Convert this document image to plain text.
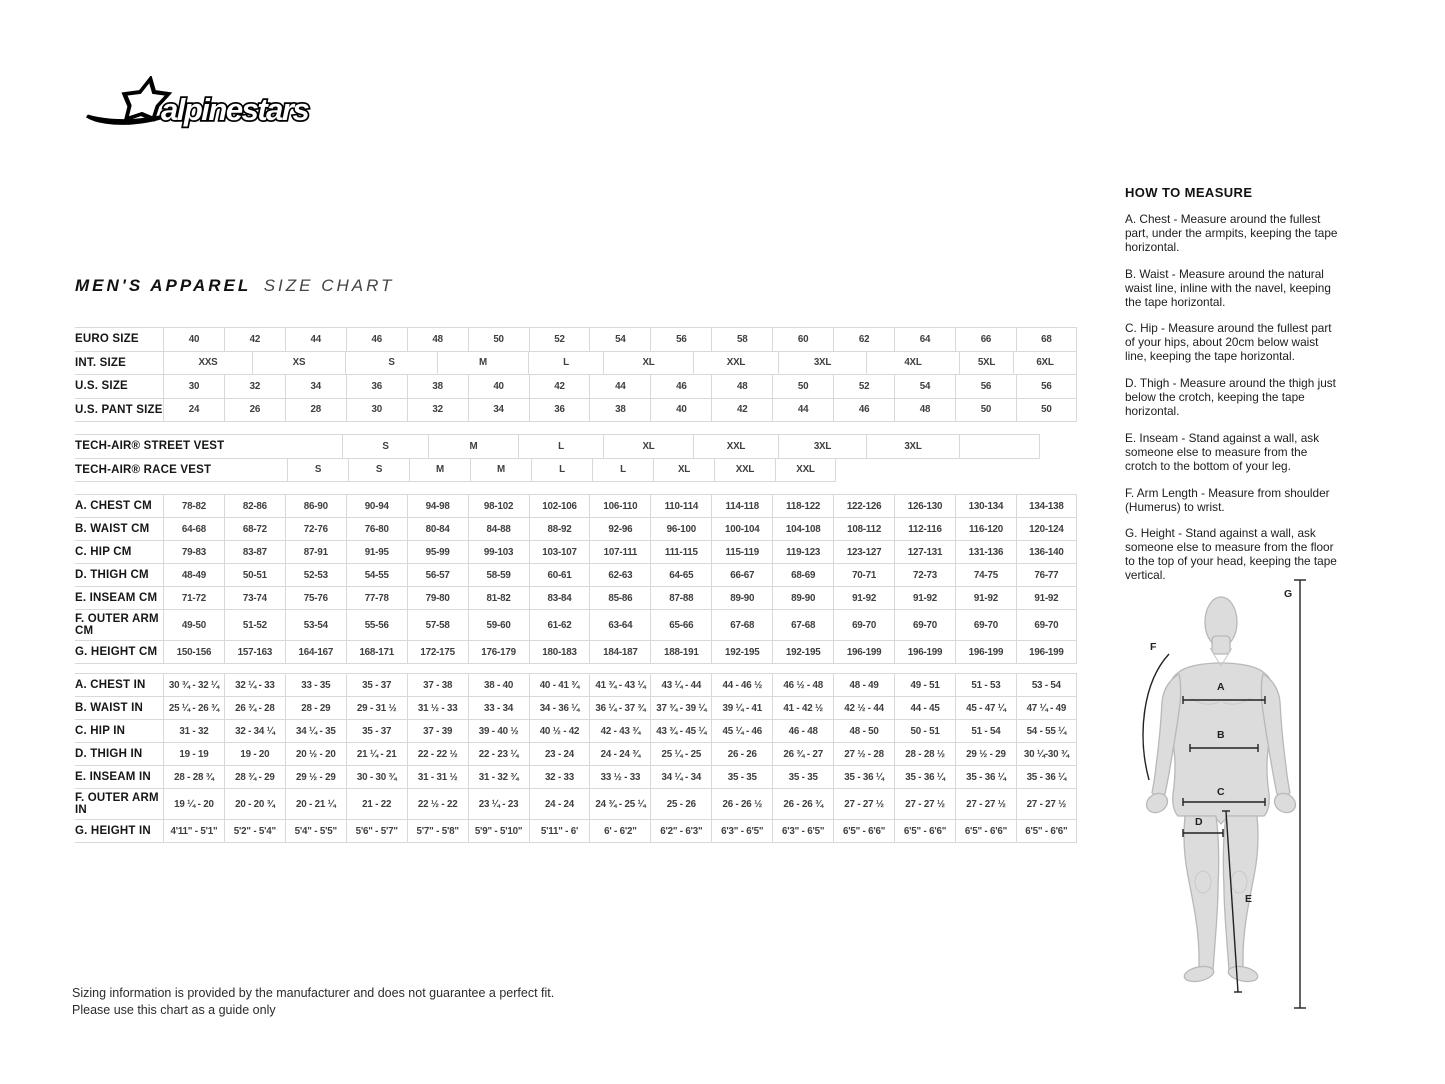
alpinestars
MEN'S APPAREL SIZE CHART
EURO SIZE	40	42	44	46	48	50	52	54	56	58	60	62	64	66	68
INT. SIZE	XXS	XS	S	M	L	XL	XXL	3XL	4XL	5XL	6XL
U.S. SIZE	30	32	34	36	38	40	42	44	46	48	50	52	54	56	56
U.S. PANT SIZE	24	26	28	30	32	34	36	38	40	42	44	46	48	50	50
TECH-AIR® STREET VEST	S	M	L	XL	XXL	3XL	3XL
TECH-AIR® RACE VEST	S	S	M	M	L	L	XL	XXL	XXL
A. CHEST CM	78-82	82-86	86-90	90-94	94-98	98-102	102-106	106-110	110-114	114-118	118-122	122-126	126-130	130-134	134-138
B. WAIST CM	64-68	68-72	72-76	76-80	80-84	84-88	88-92	92-96	96-100	100-104	104-108	108-112	112-116	116-120	120-124
C. HIP CM	79-83	83-87	87-91	91-95	95-99	99-103	103-107	107-111	111-115	115-119	119-123	123-127	127-131	131-136	136-140
D. THIGH CM	48-49	50-51	52-53	54-55	56-57	58-59	60-61	62-63	64-65	66-67	68-69	70-71	72-73	74-75	76-77
E. INSEAM CM	71-72	73-74	75-76	77-78	79-80	81-82	83-84	85-86	87-88	89-90	89-90	91-92	91-92	91-92	91-92
F. OUTER ARM CM	49-50	51-52	53-54	55-56	57-58	59-60	61-62	63-64	65-66	67-68	67-68	69-70	69-70	69-70	69-70
G. HEIGHT CM	150-156	157-163	164-167	168-171	172-175	176-179	180-183	184-187	188-191	192-195	192-195	196-199	196-199	196-199	196-199
A. CHEST IN	30 ¾ - 32 ¼	32 ¼ - 33	33 - 35	35 - 37	37 - 38	38 - 40	40 - 41 ¾	41 ¾ - 43 ¼	43 ¼ - 44	44 - 46 ½	46 ½ - 48	48 - 49	49 - 51	51 - 53	53 - 54
B. WAIST IN	25 ¼ - 26 ¾	26 ¾ - 28	28 - 29	29 - 31 ½	31 ½ - 33	33 - 34	34 - 36 ¼	36 ¼ - 37 ¾	37 ¾ - 39 ¼	39 ¼ - 41	41 - 42 ½	42 ½ - 44	44 - 45	45 - 47 ¼	47 ¼ - 49
C. HIP IN	31 - 32	32 - 34 ¼	34 ¼ - 35	35 - 37	37 - 39	39 - 40 ½	40 ½ - 42	42 - 43 ¾	43 ¾ - 45 ¼	45 ¼ - 46	46 - 48	48 - 50	50 - 51	51 - 54	54 - 55 ¼
D. THIGH IN	19 - 19	19 - 20	20 ½ - 20	21 ¼ - 21	22 - 22 ½	22 - 23 ¼	23 - 24	24 - 24 ¾	25 ¼ - 25	26 - 26	26 ¾ - 27	27 ½ - 28	28 - 28 ½	29 ½ - 29	30 ¼-30 ¾
E. INSEAM IN	28 - 28 ¾	28 ¾ - 29	29 ½ - 29	30 - 30 ¾	31 - 31 ½	31 - 32 ¾	32 - 33	33 ½ - 33	34 ¼ - 34	35 - 35	35 - 35	35 - 36 ¼	35 - 36 ¼	35 - 36 ¼	35 - 36 ¼
F. OUTER ARM IN	19 ¼ - 20	20 - 20 ¾	20 - 21 ¼	21 - 22	22 ½ - 22	23 ¼ - 23	24 - 24	24 ¾ - 25 ¼	25 - 26	26 - 26 ½	26 - 26 ¾	27 - 27 ½	27 - 27 ½	27 - 27 ½	27 - 27 ½
G. HEIGHT IN	4'11" - 5'1"	5'2" - 5'4"	5'4" - 5'5"	5'6" - 5'7"	5'7" - 5'8"	5'9" - 5'10"	5'11" - 6'	6' - 6'2"	6'2" - 6'3"	6'3" - 6'5"	6'3" - 6'5"	6'5" - 6'6"	6'5" - 6'6"	6'5" - 6'6"	6'5" - 6'6"
HOW TO MEASURE

A. Chest - Measure around the fullest part, under the armpits, keeping the tape horizontal.

B. Waist - Measure around the natural waist line, inline with the navel, keeping the tape horizontal.

C. Hip - Measure around the fullest part of your hips, about 20cm below waist line, keeping the tape horizontal.

D. Thigh - Measure around the thigh just below the crotch, keeping the tape horizontal.

E. Inseam - Stand against a wall, ask someone else to measure from the crotch to the bottom of your leg.

F. Arm Length - Measure from shoulder (Humerus) to wrist.

G. Height - Stand against a wall, ask someone else to measure from the floor to the top of your head, keeping the tape vertical.

A
B
C
D
E
F
G
Sizing information is provided by the manufacturer and does not guarantee a perfect fit.
Please use this chart as a guide only
